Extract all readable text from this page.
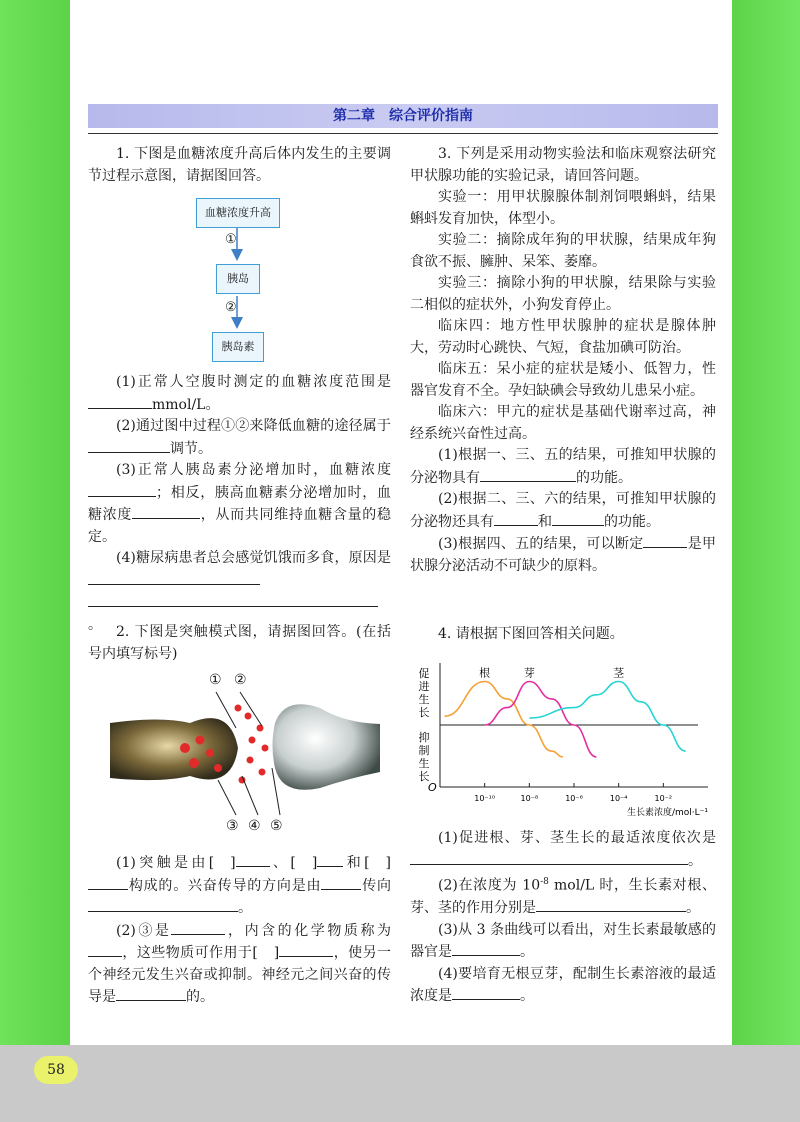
第二章　综合评价指南

1. 下图是血糖浓度升高后体内发生的主要调节过程示意图，请据图回答。

血糖浓度升高
①
胰岛
②
胰岛素

(1)正常人空腹时测定的血糖浓度范围是mmol/L。

(2)通过图中过程①②来降低血糖的途径属于调节。

(3)正常人胰岛素分泌增加时，血糖浓度；相反，胰高血糖素分泌增加时，血糖浓度	，从而共同维持血糖含量的稳定。

(4)糖尿病患者总会感觉饥饿而多食，原因是

。	2. 下图是突触模式图，请据图回答。(在括号内填写标号)

① ②
③ ④ ⑤

(1)突触是由[ ] 、[ ] 和[ ]构成的。兴奋传导的方向是由	传向。

(2)③是	，内含的化学物质称为，这些物质可作用于[ ]	，使另一个神经元发生兴奋或抑制。神经元之间兴奋的传导是	的。

3. 下列是采用动物实验法和临床观察法研究甲状腺功能的实验记录，请回答问题。

实验一：用甲状腺腺体制剂饲喂蝌蚪，结果蝌蚪发育加快，体型小。

实验二：摘除成年狗的甲状腺，结果成年狗食欲不振、臃肿、呆笨、萎靡。

实验三：摘除小狗的甲状腺，结果除与实验二相似的症状外，小狗发育停止。

临床四：地方性甲状腺肿的症状是腺体肿大，劳动时心跳快、气短，食盐加碘可防治。

临床五：呆小症的症状是矮小、低智力，性器官发育不全。孕妇缺碘会导致幼儿患呆小症。

临床六：甲亢的症状是基础代谢率过高，神经系统兴奋性过高。

(1)根据一、三、五的结果，可推知甲状腺的分泌物具有	的功能。

(2)根据二、三、六的结果，可推知甲状腺的分泌物还具有	和	的功能。

(3)根据四、五的结果，可以断定	是甲状腺分泌活动不可缺少的原料。

4. 请根据下图回答相关问题。

10⁻¹⁰	10⁻⁸	10⁻⁶	10⁻⁴	10⁻²
根	芽	茎
促
进
生
长
抑
制
生
长
O
生长素浓度/mol·L⁻¹

(1)促进根、芽、茎生长的最适浓度依次是。

(2)在浓度为 $10^{-8}$ mol/L 时，生长素对根、芽、茎的作用分别是	。

(3)从 3 条曲线可以看出，对生长素最敏感的器官是	。

(4)要培育无根豆芽，配制生长素溶液的最适浓度是	。

58
